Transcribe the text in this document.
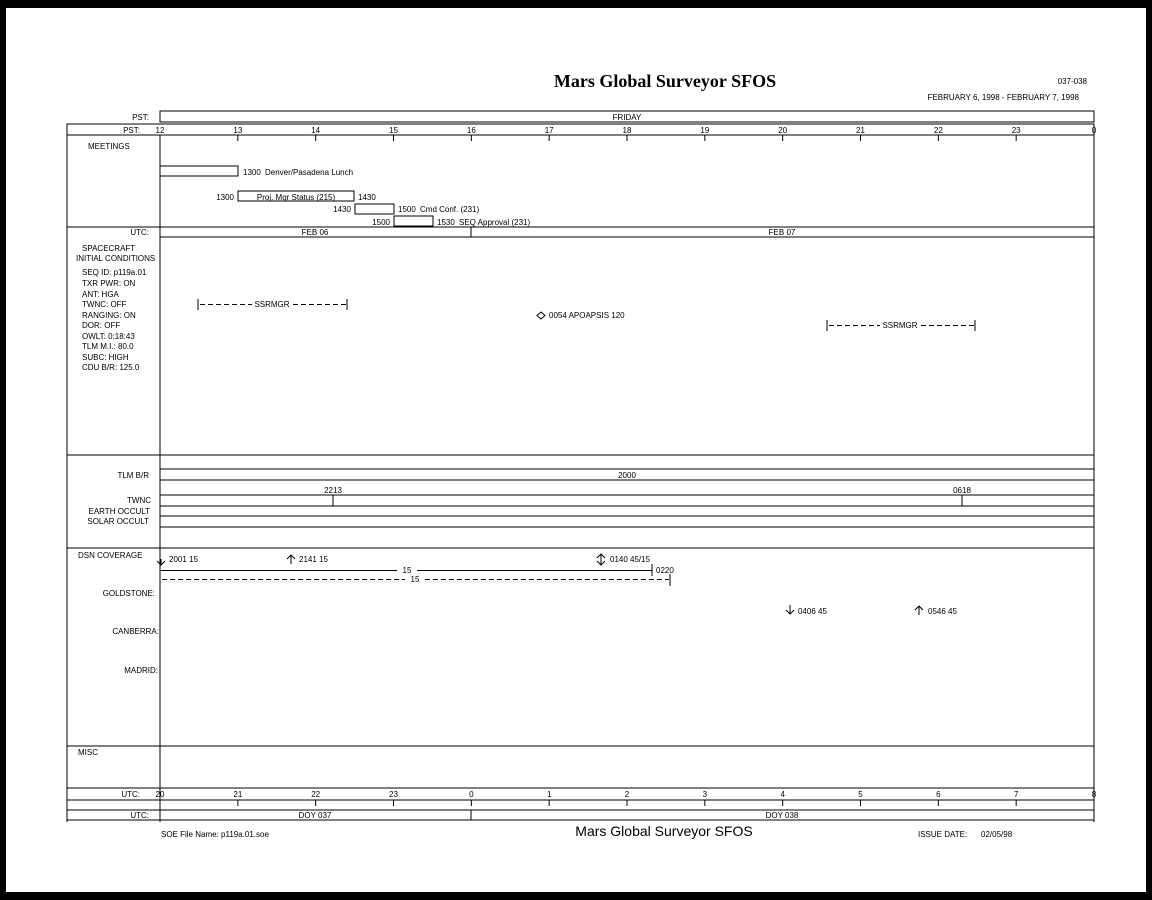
Mars Global Surveyor SFOS	037-038
FEBRUARY 6, 1998 - FEBRUARY 7, 1998
PST:	FRIDAY
PST: 12	13	14	15	16	17	18	19	20	21	22	23	0
MEETINGS
1300 Denver/Pasadena Lunch
1300	Proj. Mgr Status (215)	1430
1430	1500 Cmd Conf. (231)
1500	1530 SEQ Approval (231)
UTC:	FEB 06	FEB 07
SPACECRAFT
INITIAL CONDITIONS
SEQ ID: p119a.01
TXR PWR: ON
ANT: HGA
TWNC: OFF
RANGING: ON
DOR: OFF
OWLT: 0:18:43
TLM M.I.: 80.0
SUBC: HIGH
CDU B/R: 125.0
SSRMGR
0054 APOAPSIS 120
SSRMGR
TLM B/R	2000
2213	0618
TWNC
EARTH OCCULT
SOLAR OCCULT
DSN COVERAGE	2001 15	2141 15	0140 45/15
15	0220
15
GOLDSTONE:
0406 45	0546 45
CANBERRA:
MADRID:
MISC
UTC: 20	21	22	23	0	1	2	3	4	5	6	7	8
UTC:	DOY 037	DOY 038
SOE File Name: p119a.01.soe	Mars Global Surveyor SFOS	ISSUE DATE: 02/05/98
